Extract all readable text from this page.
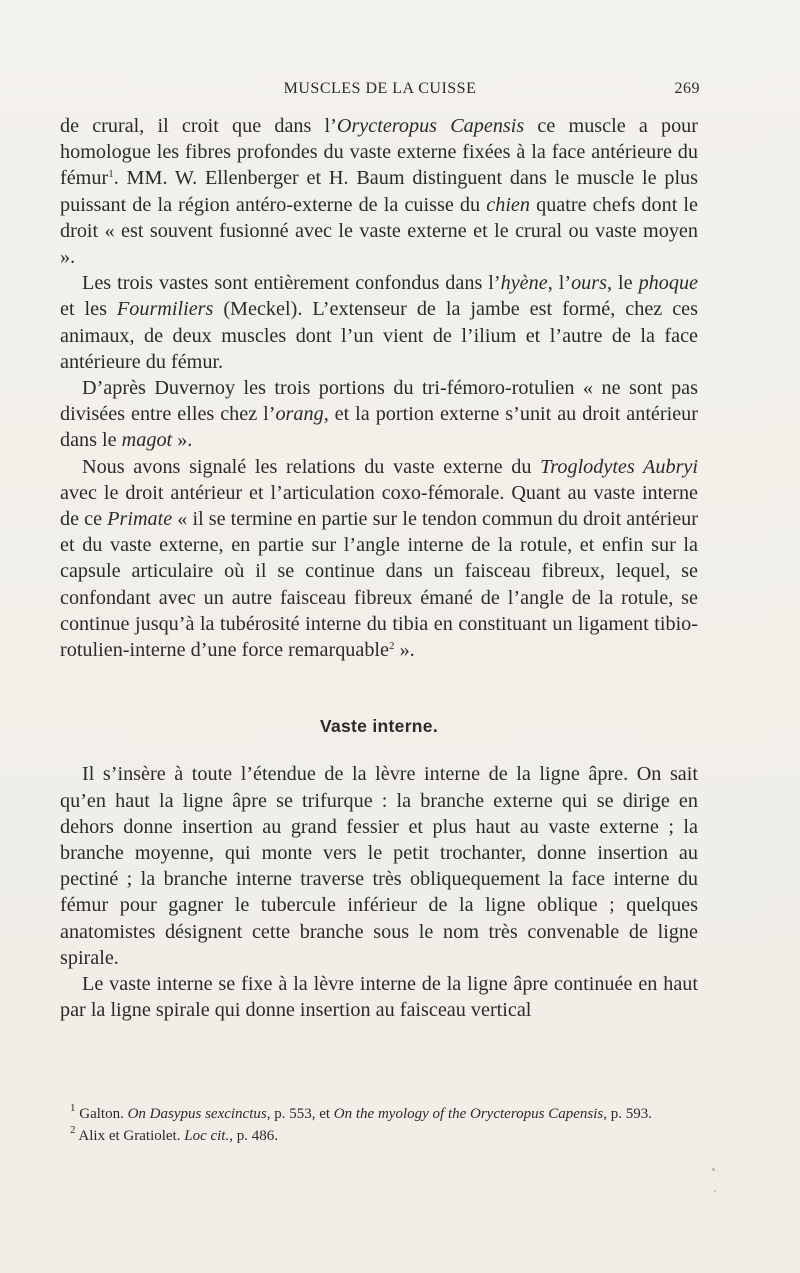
MUSCLES DE LA CUISSE	269

de crural, il croit que dans l’Orycteropus Capensis ce muscle a pour homologue les fibres profondes du vaste externe fixées à la face antérieure du fémur$^1$. MM. W. Ellenberger et H. Baum distinguent dans le muscle le plus puissant de la région antéro-externe de la cuisse du chien quatre chefs dont le droit « est souvent fusionné avec le vaste externe et le crural ou vaste moyen ».

Les trois vastes sont entièrement confondus dans l’hyène, l’ours, le phoque et les Fourmiliers (Meckel). L’extenseur de la jambe est formé, chez ces animaux, de deux muscles dont l’un vient de l’ilium et l’autre de la face antérieure du fémur.

D’après Duvernoy les trois portions du tri-fémoro-rotulien « ne sont pas divisées entre elles chez l’orang, et la portion externe s’unit au droit antérieur dans le magot ».

Nous avons signalé les relations du vaste externe du Troglodytes Aubryi avec le droit antérieur et l’articulation coxo-fémorale. Quant au vaste interne de ce Primate « il se termine en partie sur le tendon commun du droit antérieur et du vaste externe, en partie sur l’angle interne de la rotule, et enfin sur la capsule articulaire où il se continue dans un faisceau fibreux, lequel, se confondant avec un autre faisceau fibreux émané de l’angle de la rotule, se continue jusqu’à la tubérosité interne du tibia en constituant un ligament tibio-rotulien-interne d’une force remarquable$^2$ ».

Vaste interne.

Il s’insère à toute l’étendue de la lèvre interne de la ligne âpre. On sait qu’en haut la ligne âpre se trifurque : la branche externe qui se dirige en dehors donne insertion au grand fessier et plus haut au vaste externe ; la branche moyenne, qui monte vers le petit trochanter, donne insertion au pectiné ; la branche interne traverse très obliquequement la face interne du fémur pour gagner le tubercule inférieur de la ligne oblique ; quelques anatomistes désignent cette branche sous le nom très convenable de ligne spirale.

Le vaste interne se fixe à la lèvre interne de la ligne âpre continuée en haut par la ligne spirale qui donne insertion au faisceau vertical

$^1$ Galton. On Dasypus sexcinctus, p. 553, et On the myology of the Orycteropus Capensis, p. 593.

$^2$ Alix et Gratiolet. Loc cit., p. 486.
